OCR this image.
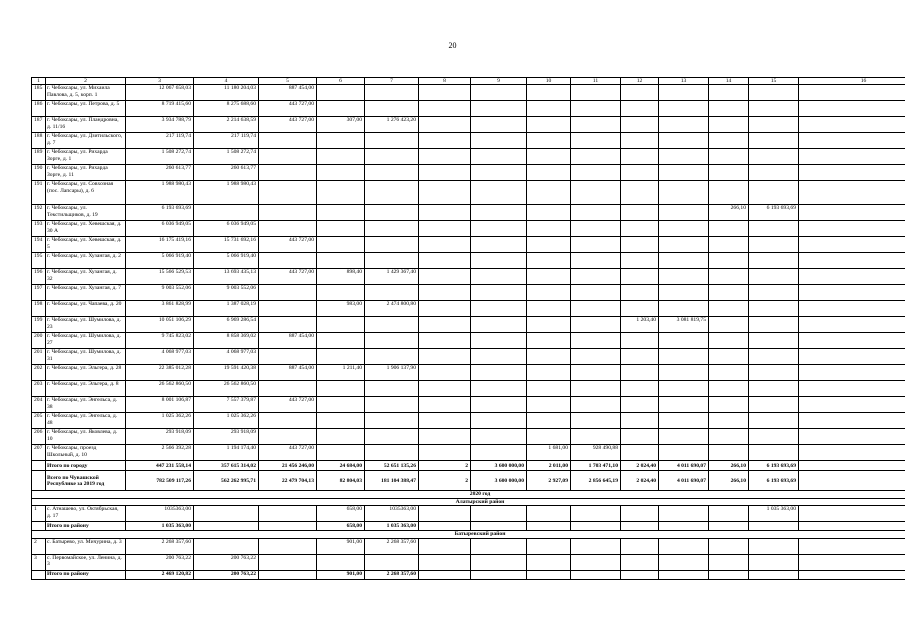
20
1	2	3	4	5	6	7	8	9	10	11	12	13	14	15	16
185	г. Чебоксары, ул. Михаила Павлова, д. 5, корп. 1	12 067 658,03	11 180 204,03	887 454,00											
186	г. Чебоксары, ул. Петрова, д. 5	8 719 415,60	8 275 688,60	443 727,00											
187	г. Чебоксары, ул. Пландровна, д. 11/16	3 934 788,79	2 214 638,59	443 727,00	307,00	1 276 423,20									
188	г. Чебоксары, ул. Дзитильского, д. 7	217 119,74	217 119,74												
189	г. Чебоксары, ул. Рихарда Зорге, д. 1	1 508 272,74	1 508 272,74												
190	г. Чебоксары, ул. Рихарда Зорге, д. 11	260 613,77	260 613,77												
191	г. Чебоксары, ул. Совхозная (пос. Лапсары), д. 6	1 988 980,43	1 988 980,43												
192	г. Чебоксары, ул. Текстильщиков, д. 19	6 193 693,69											266,10	6 193 693,69	
193	г. Чебоксары, ул. Хевешская, д. 30 А	6 036 949,05	6 036 949,05												
194	г. Чебоксары, ул. Хевешская, д. 5	16 175 419,16	15 731 692,16	443 727,00											
195	г. Чебоксары, ул. Хузангая, д. 2	5 066 919,40	5 066 919,40												
196	г. Чебоксары, ул. Хузангая, д. 32	15 566 529,53	13 693 435,13	443 727,00	898,40	1 429 367,40									
197	г. Чебоксары, ул. Хузангая, д. 7	9 003 552,06	9 003 552,06												
198	г. Чебоксары, ул. Чапаева, д. 20	3 861 828,99	1 387 028,19		983,00	2 474 800,80									
199	г. Чебоксары, ул. Шумилова, д. 23	10 051 106,29	6 969 286,54								1 203,40	3 081 819,75			
200	г. Чебоксары, ул. Шумилова, д. 27	9 745 823,02	8 858 369,02	887 454,00											
201	г. Чебоксары, ул. Шумилова, д. 31	4 068 977,03	4 068 977,03												
202	г. Чебоксары, ул. Эльгера, д. 28	22 385 012,28	19 591 420,38	887 454,00	1 211,40	1 906 137,90									
203	г. Чебоксары, ул. Эльгера, д. 8	26 562 860,50	26 562 860,50												
204	г. Чебоксары, ул. Энгельса, д. 38	8 001 106,87	7 557 379,87	443 727,00											
205	г. Чебоксары, ул. Энгельса, д. 48	1 025 362,26	1 025 362,26												
206	г. Чебоксары, ул. Яковлева, д. 10	293 918,09	293 918,09												
207	г. Чебоксары, проезд Школьный, д. 10	2 566 392,28	1 194 174,40	443 727,00					1 681,00	928 490,88					
	Итого по городу	447 231 558,14	357 615 314,02	21 456 246,00	24 684,00	52 651 135,26	2	3 600 000,00	2 011,00	1 703 471,10	2 024,40	4 011 690,07	266,10	6 193 693,69	
	Всего по Чувашской Республике за 2019 год	782 509 117,26	562 262 995,71	22 479 704,13	82 804,03	181 104 388,47	2	3 600 000,00	2 927,09	2 856 645,19	2 024,40	4 011 690,07	266,10	6 193 693,69	
2020 год															
Алатырский район															
1	с. Атнашево, ул. Октябрьская, д. 17	1035363,00			658,00	1035363,00								1 035 363,00	
	Итого по району	1 035 363,00			658,00	1 035 363,00									
Батыревский район															
2	с. Батырево, ул. Мичурина, д. 3	2 268 357,60			901,00	2 268 357,60									
3	с. Первомайское, ул. Ленина, д. 3	200 763,22	200 763,22												
	Итого по району	2 469 120,82	200 763,22		901,00	2 268 357,60									
